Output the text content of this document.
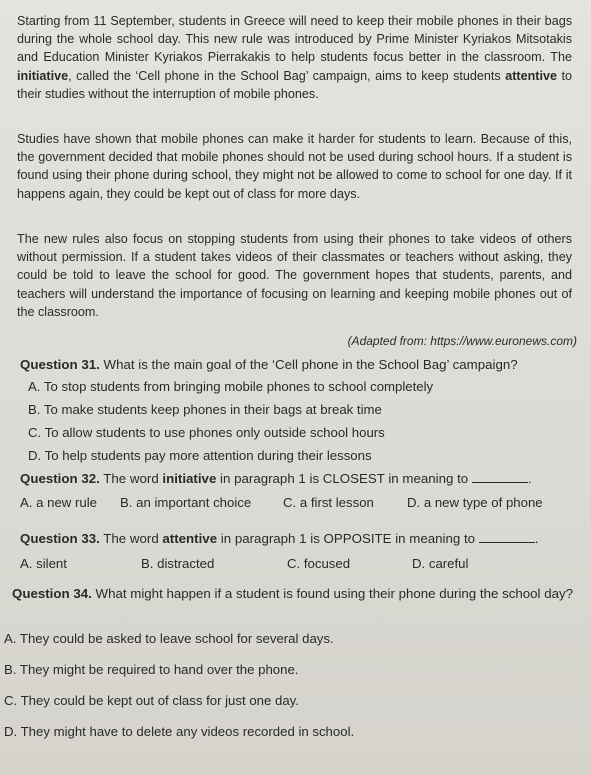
Starting from 11 September, students in Greece will need to keep their mobile phones in their bags during the whole school day. This new rule was introduced by Prime Minister Kyriakos Mitsotakis and Education Minister Kyriakos Pierrakakis to help students focus better in the classroom. The initiative, called the ‘Cell phone in the School Bag’ campaign, aims to keep students attentive to their studies without the interruption of mobile phones.

Studies have shown that mobile phones can make it harder for students to learn. Because of this, the government decided that mobile phones should not be used during school hours. If a student is found using their phone during school, they might not be allowed to come to school for one day. If it happens again, they could be kept out of class for more days.

The new rules also focus on stopping students from using their phones to take videos of others without permission. If a student takes videos of their classmates or teachers without asking, they could be told to leave the school for good. The government hopes that students, parents, and teachers will understand the importance of focusing on learning and keeping mobile phones out of the classroom.

(Adapted from: https://www.euronews.com)

Question 31. What is the main goal of the ‘Cell phone in the School Bag’ campaign?

A. To stop students from bringing mobile phones to school completely

B. To make students keep phones in their bags at break time

C. To allow students to use phones only outside school hours

D. To help students pay more attention during their lessons

Question 32. The word initiative in paragraph 1 is CLOSEST in meaning to	.

A. a new rule B. an important choice C. a first lesson	D. a new type of phone

Question 33. The word attentive in paragraph 1 is OPPOSITE in meaning to	.

A. silent	B. distracted	C. focused	D. careful

Question 34. What might happen if a student is found using their phone during the school day?

A. They could be asked to leave school for several days.

B. They might be required to hand over the phone.

C. They could be kept out of class for just one day.

D. They might have to delete any videos recorded in school.
